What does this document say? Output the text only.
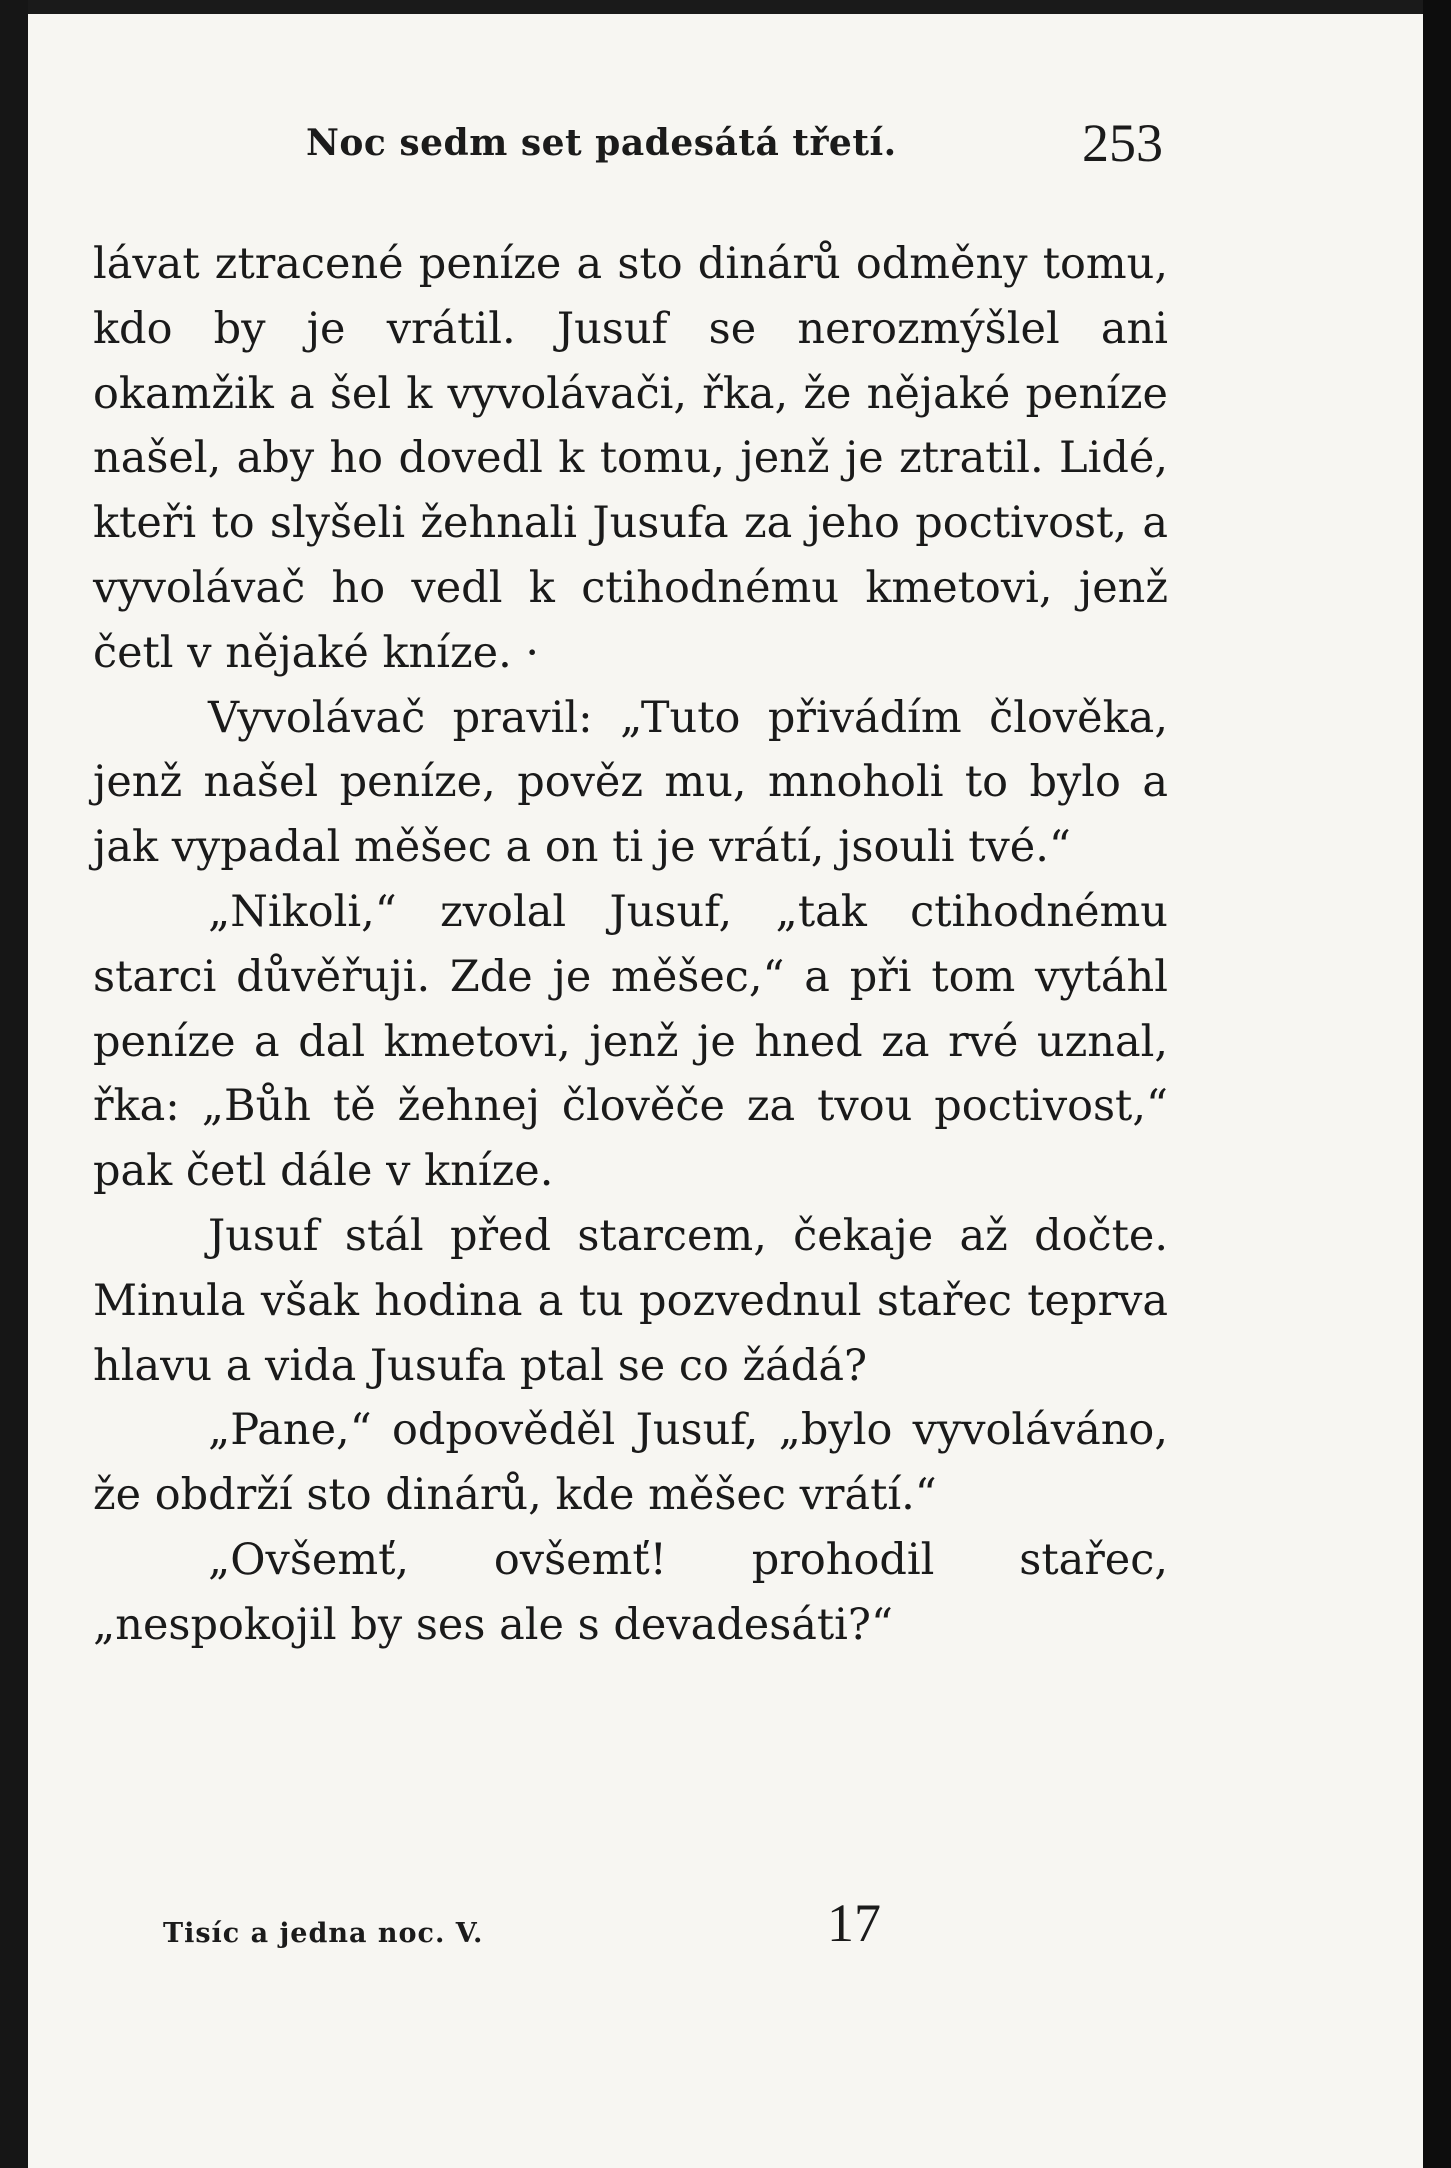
Noc sedm set padesátá třetí.	253

lávat ztracené peníze a sto dinárů odměny tomu, kdo by je vrátil. Jusuf se nerozmýšlel ani okamžik a šel k vyvolávači, řka, že nějaké peníze našel, aby ho dovedl k tomu, jenž je ztratil. Lidé, kteři to slyšeli žehnali Jusufa za jeho poctivost, a vyvolávač ho vedl k ctihodnému kmetovi, jenž četl v nějaké kníze. ·

Vyvolávač pravil: „Tuto přivádím člověka, jenž našel peníze, pověz mu, mnoholi to bylo a jak vypadal měšec a on ti je vrátí, jsouli tvé.“

„Nikoli,“ zvolal Jusuf, „tak ctihodnému starci důvěřuji. Zde je měšec,“ a při tom vytáhl peníze a dal kmetovi, jenž je hned za rvé uznal, řka: „Bůh tě žehnej člověče za tvou poctivost,“ pak četl dále v kníze.

Jusuf stál před starcem, čekaje až dočte. Minula však hodina a tu pozvednul stařec teprva hlavu a vida Jusufa ptal se co žádá?

„Pane,“ odpověděl Jusuf, „bylo vyvoláváno, že obdrží sto dinárů, kde měšec vrátí.“

„Ovšemť, ovšemť! prohodil stařec, „nespokojil by ses ale s devadesáti?“

Tisíc a jedna noc. V.	17
